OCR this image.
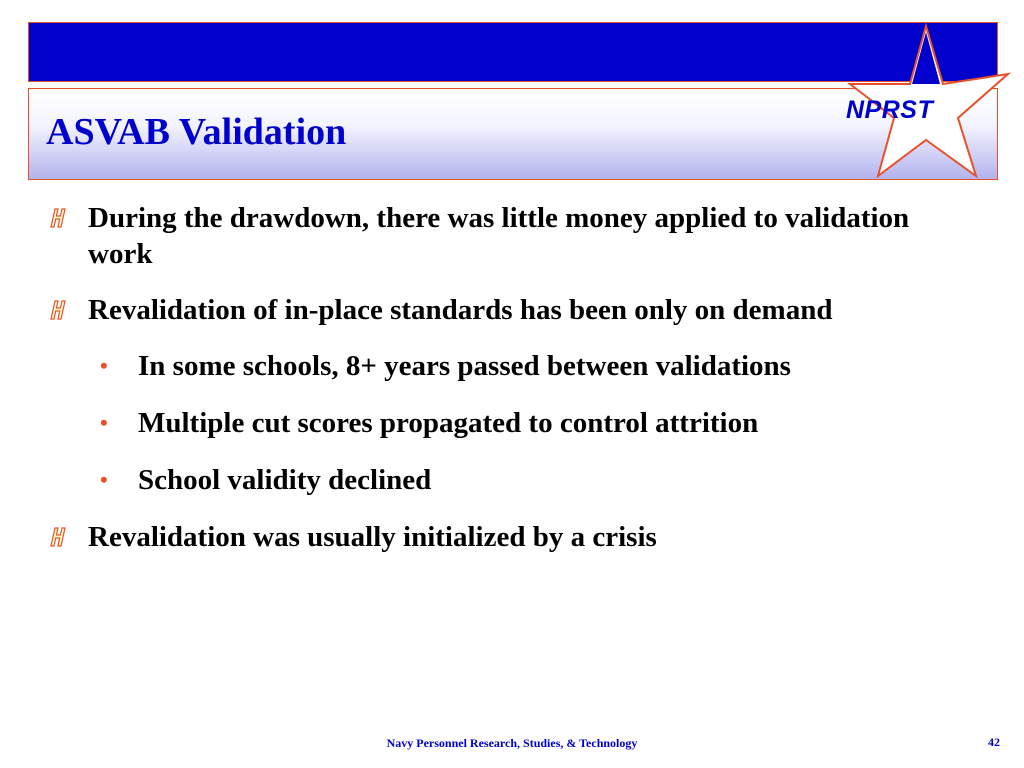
NPRST
ASVAB Validation
During the drawdown, there was little money applied to validation work
Revalidation of in-place standards has been only on demand
• In some schools, 8+ years passed between validations
• Multiple cut scores propagated to control attrition
• School validity declined
Revalidation was usually initialized by a crisis
Navy Personnel Research, Studies, & Technology	42
